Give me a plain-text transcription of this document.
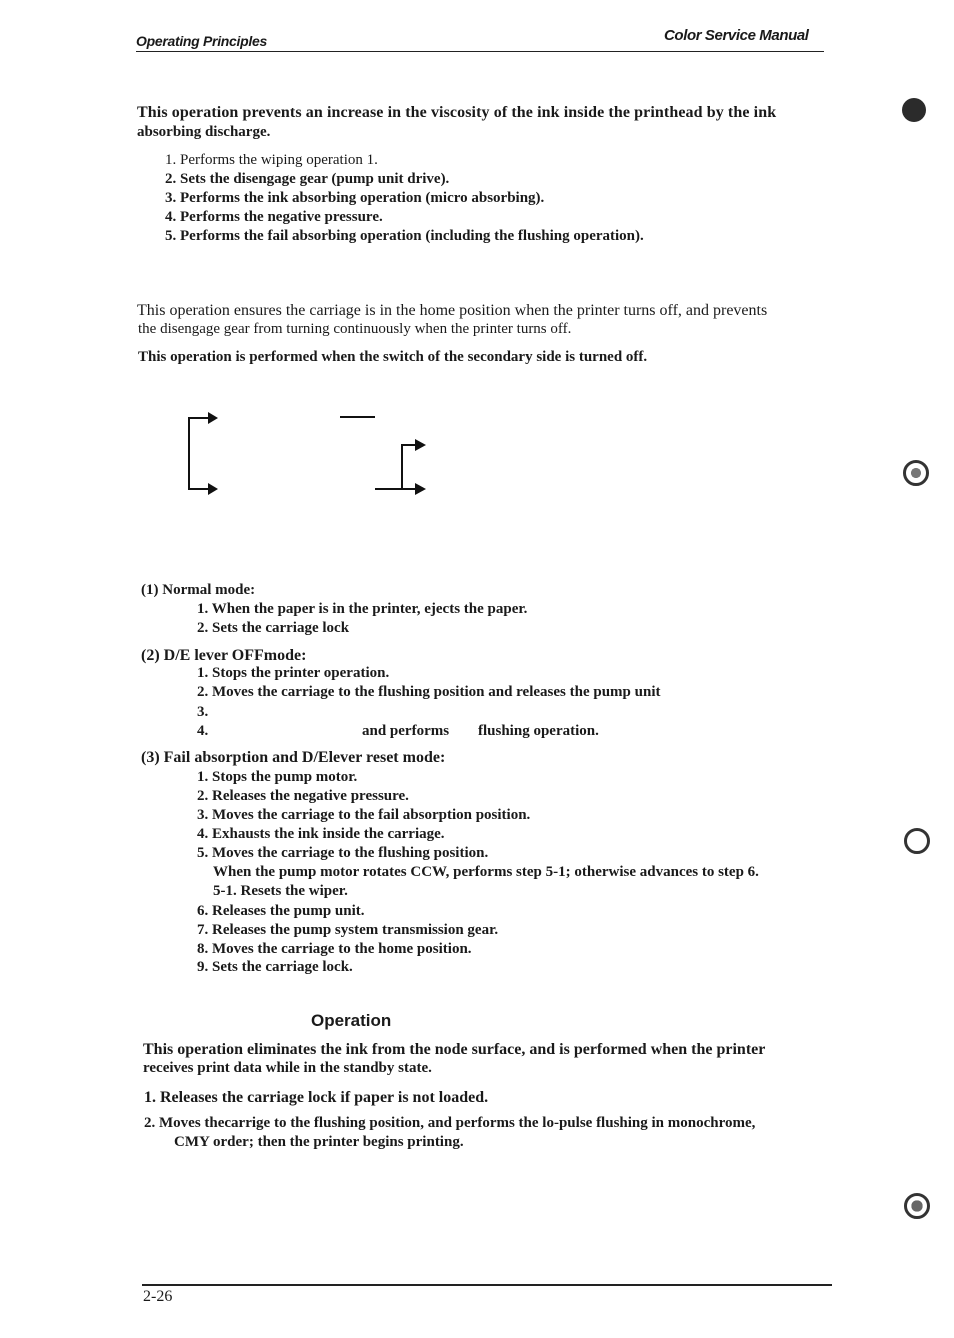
Operating Principles	Color Service Manual
This operation prevents an increase in the viscosity of the ink inside the printhead by the ink
absorbing discharge.
1. Performs the wiping operation 1.
2. Sets the disengage gear (pump unit drive).
3. Performs the ink absorbing operation (micro absorbing).
4. Performs the negative pressure.
5. Performs the fail absorbing operation (including the flushing operation).
This operation ensures the carriage is in the home position when the printer turns off, and prevents
the disengage gear from turning continuously when the printer turns off.
This operation is performed when the switch of the secondary side is turned off.
(1) Normal mode:
1. When the paper is in the printer, ejects the paper.
2. Sets the carriage lock
(2) D/E lever OFFmode:
1. Stops the printer operation.
2. Moves the carriage to the flushing position and releases the pump unit
3.
4.	and performs flushing operation.
(3) Fail absorption and D/Elever reset mode:
1. Stops the pump motor.
2. Releases the negative pressure.
3. Moves the carriage to the fail absorption position.
4. Exhausts the ink inside the carriage.
5. Moves the carriage to the flushing position.
When the pump motor rotates CCW, performs step 5-1; otherwise advances to step 6.
5-1. Resets the wiper.
6. Releases the pump unit.
7. Releases the pump system transmission gear.
8. Moves the carriage to the home position.
9. Sets the carriage lock.
Operation
This operation eliminates the ink from the node surface, and is performed when the printer
receives print data while in the standby state.
1. Releases the carriage lock if paper is not loaded.
2. Moves thecarrige to the flushing position, and performs the lo-pulse flushing in monochrome,
CMY order; then the printer begins printing.
2-26
